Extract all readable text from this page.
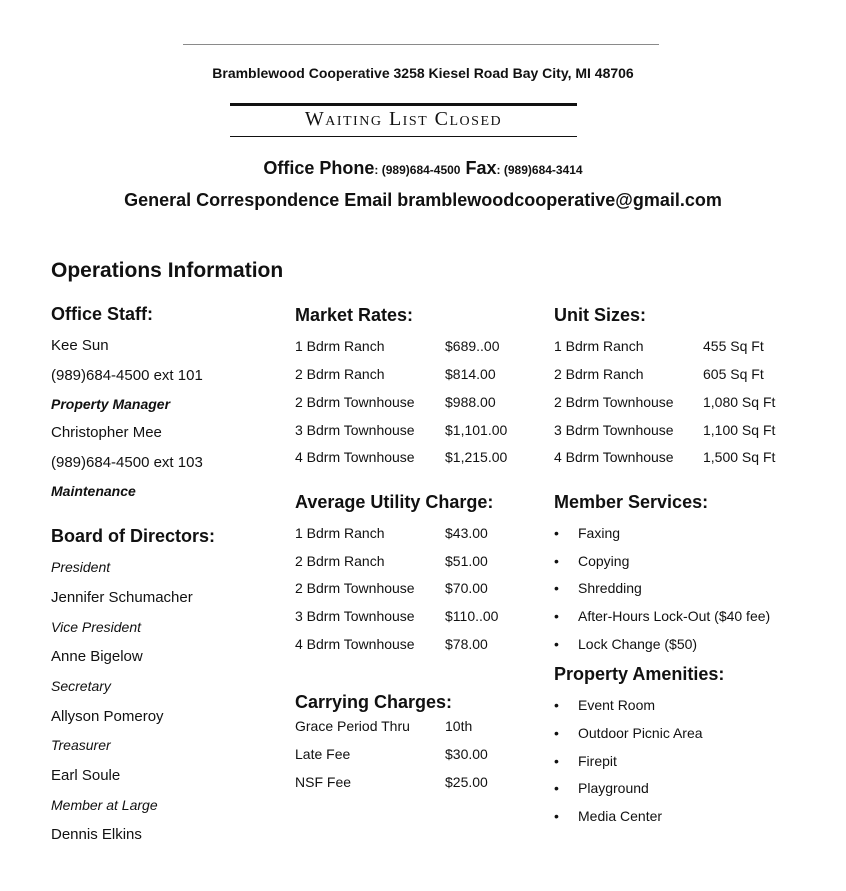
Bramblewood Cooperative 3258 Kiesel Road Bay City, MI 48706
Waiting List Closed
Office Phone: (989)684-4500 Fax: (989)684-3414
General Correspondence Email bramblewoodcooperative@gmail.com
Operations Information
Office Staff:
Kee Sun
(989)684-4500 ext 101
Property Manager
Christopher Mee
(989)684-4500 ext 103
Maintenance
Board of Directors:
President
Jennifer Schumacher
Vice President
Anne Bigelow
Secretary
Allyson Pomeroy
Treasurer
Earl Soule
Member at Large
Dennis Elkins
Market Rates:
1 Bdrm Ranch	$689..00
2 Bdrm Ranch	$814.00
2 Bdrm Townhouse $988.00
3 Bdrm Townhouse $1,101.00
4 Bdrm Townhouse $1,215.00
Average Utility Charge:
1 Bdrm Ranch	$43.00
2 Bdrm Ranch	$51.00
2 Bdrm Townhouse $70.00
3 Bdrm Townhouse $110..00
4 Bdrm Townhouse $78.00
Carrying Charges:
Grace Period Thru	10th
Late Fee	$30.00
NSF Fee	$25.00
Unit Sizes:
1 Bdrm Ranch	455 Sq Ft
2 Bdrm Ranch	605 Sq Ft
2 Bdrm Townhouse 1,080 Sq Ft
3 Bdrm Townhouse 1,100 Sq Ft
4 Bdrm Townhouse 1,500 Sq Ft
Member Services:
• Faxing
• Copying
• Shredding
• After-Hours Lock-Out ($40 fee)
• Lock Change ($50)
Property Amenities:
• Event Room
• Outdoor Picnic Area
• Firepit
• Playground
• Media Center
